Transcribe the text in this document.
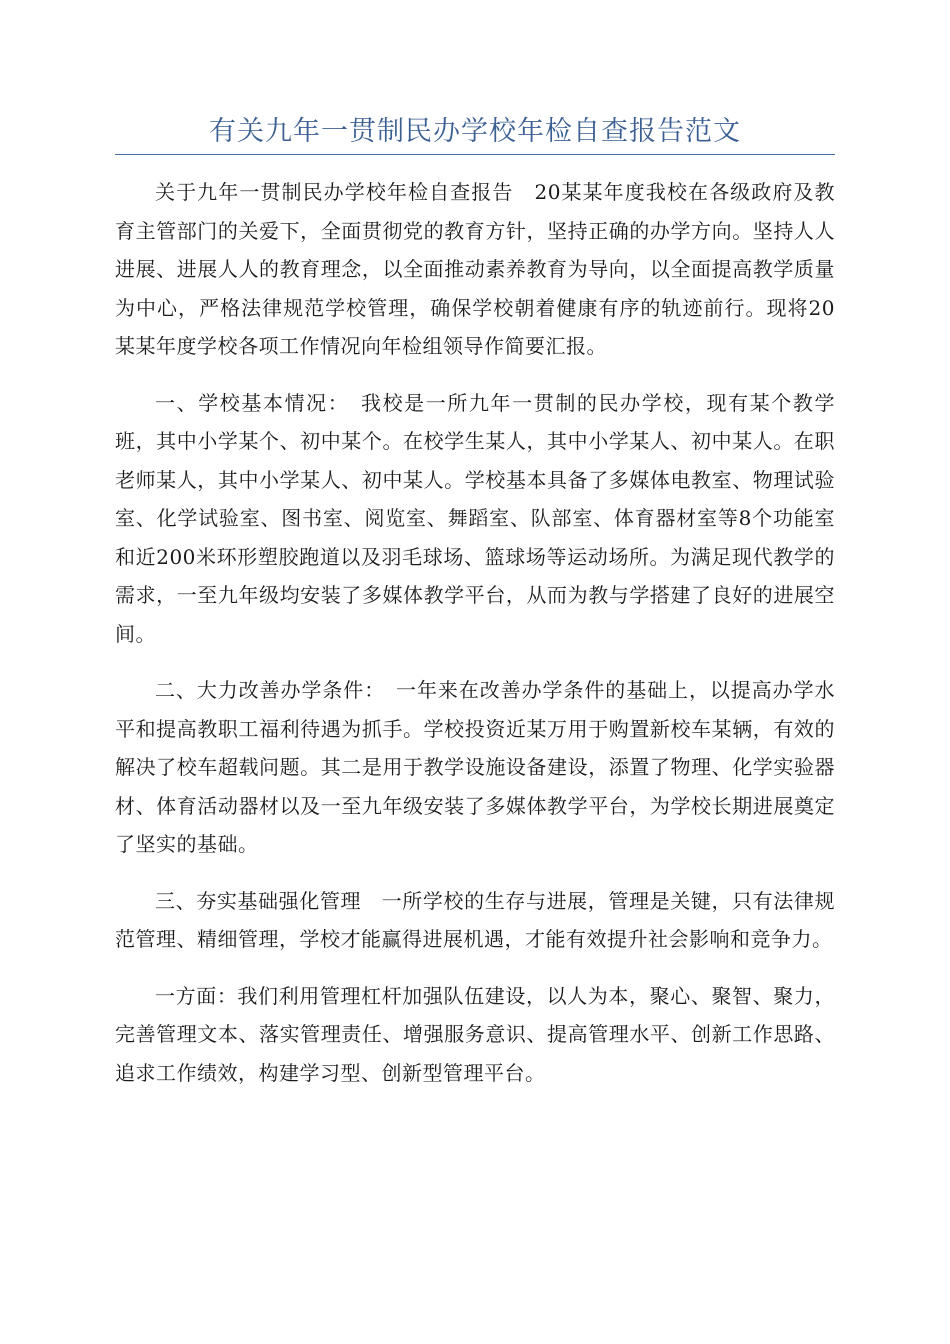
有关九年一贯制民办学校年检自查报告范文

关于九年一贯制民办学校年检自查报告　20某某年度我校在各级政府及教育主管部门的关爱下，全面贯彻党的教育方针，坚持正确的办学方向。坚持人人进展、进展人人的教育理念，以全面推动素养教育为导向，以全面提高教学质量为中心，严格法律规范学校管理，确保学校朝着健康有序的轨迹前行。现将20某某年度学校各项工作情况向年检组领导作简要汇报。

一、学校基本情况：　我校是一所九年一贯制的民办学校，现有某个教学班，其中小学某个、初中某个。在校学生某人，其中小学某人、初中某人。在职老师某人，其中小学某人、初中某人。学校基本具备了多媒体电教室、物理试验室、化学试验室、图书室、阅览室、舞蹈室、队部室、体育器材室等8个功能室和近200米环形塑胶跑道以及羽毛球场、篮球场等运动场所。为满足现代教学的需求，一至九年级均安装了多媒体教学平台，从而为教与学搭建了良好的进展空间。

二、大力改善办学条件：　一年来在改善办学条件的基础上，以提高办学水平和提高教职工福利待遇为抓手。学校投资近某万用于购置新校车某辆，有效的解决了校车超载问题。其二是用于教学设施设备建设，添置了物理、化学实验器材、体育活动器材以及一至九年级安装了多媒体教学平台，为学校长期进展奠定了坚实的基础。

三、夯实基础强化管理　一所学校的生存与进展，管理是关键，只有法律规范管理、精细管理，学校才能赢得进展机遇，才能有效提升社会影响和竞争力。

一方面：我们利用管理杠杆加强队伍建设，以人为本，聚心、聚智、聚力，完善管理文本、落实管理责任、增强服务意识、提高管理水平、创新工作思路、追求工作绩效，构建学习型、创新型管理平台。
